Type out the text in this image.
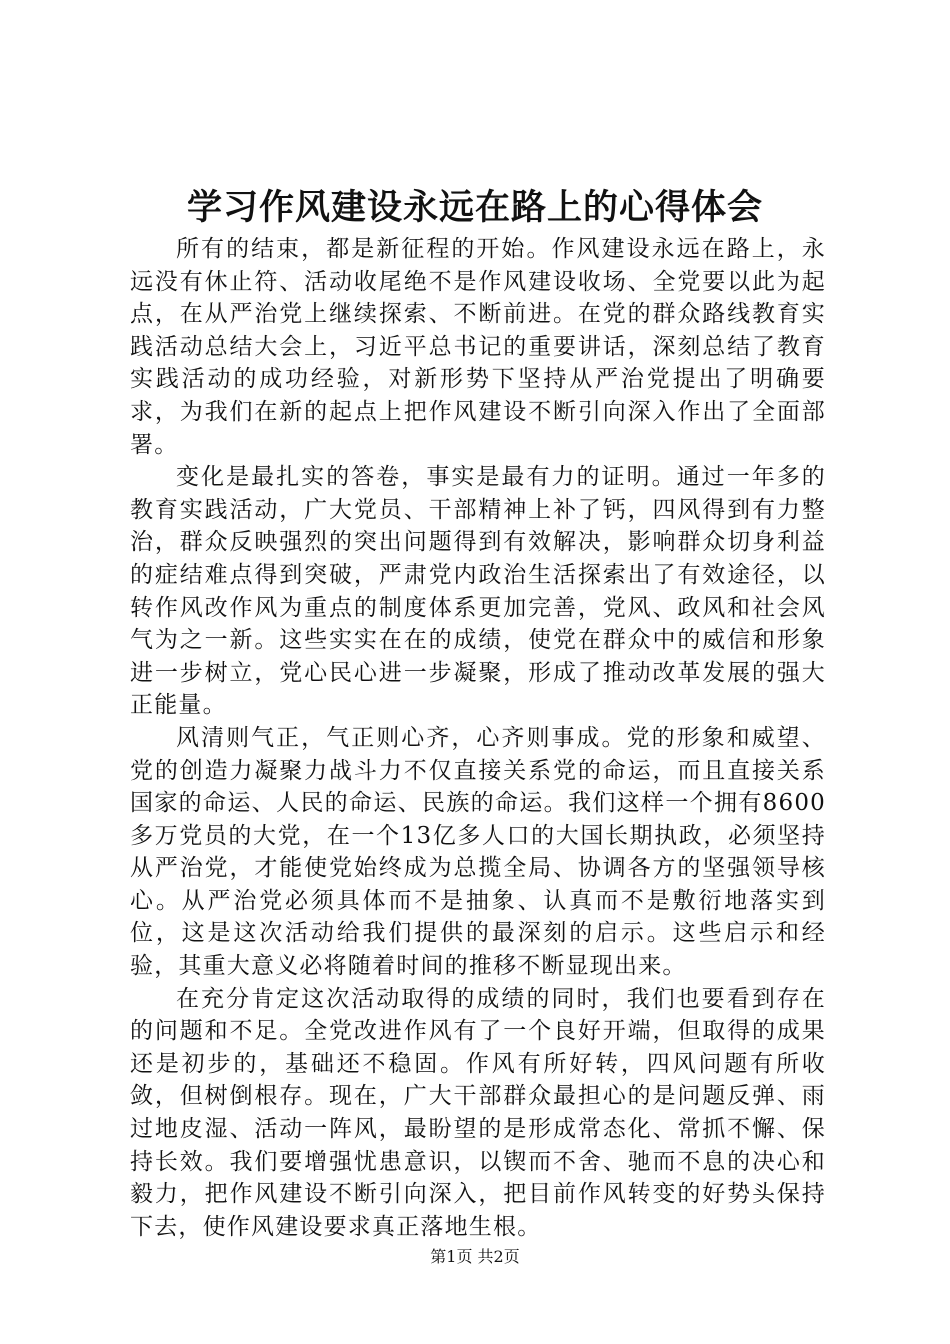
学习作风建设永远在路上的心得体会

所有的结束，都是新征程的开始。作风建设永远在路上，永远没有休止符、活动收尾绝不是作风建设收场、全党要以此为起点，在从严治党上继续探索、不断前进。在党的群众路线教育实践活动总结大会上，习近平总书记的重要讲话，深刻总结了教育实践活动的成功经验，对新形势下坚持从严治党提出了明确要求，为我们在新的起点上把作风建设不断引向深入作出了全面部署。

变化是最扎实的答卷，事实是最有力的证明。通过一年多的教育实践活动，广大党员、干部精神上补了钙，四风得到有力整治，群众反映强烈的突出问题得到有效解决，影响群众切身利益的症结难点得到突破，严肃党内政治生活探索出了有效途径，以转作风改作风为重点的制度体系更加完善，党风、政风和社会风气为之一新。这些实实在在的成绩，使党在群众中的威信和形象进一步树立，党心民心进一步凝聚，形成了推动改革发展的强大正能量。

风清则气正，气正则心齐，心齐则事成。党的形象和威望、党的创造力凝聚力战斗力不仅直接关系党的命运，而且直接关系国家的命运、人民的命运、民族的命运。我们这样一个拥有8600多万党员的大党，在一个13亿多人口的大国长期执政，必须坚持从严治党，才能使党始终成为总揽全局、协调各方的坚强领导核心。从严治党必须具体而不是抽象、认真而不是敷衍地落实到位，这是这次活动给我们提供的最深刻的启示。这些启示和经验，其重大意义必将随着时间的推移不断显现出来。

在充分肯定这次活动取得的成绩的同时，我们也要看到存在的问题和不足。全党改进作风有了一个良好开端，但取得的成果还是初步的，基础还不稳固。作风有所好转，四风问题有所收敛，但树倒根存。现在，广大干部群众最担心的是问题反弹、雨过地皮湿、活动一阵风，最盼望的是形成常态化、常抓不懈、保持长效。我们要增强忧患意识，以锲而不舍、驰而不息的决心和毅力，把作风建设不断引向深入，把目前作风转变的好势头保持下去，使作风建设要求真正落地生根。

第1页 共2页
